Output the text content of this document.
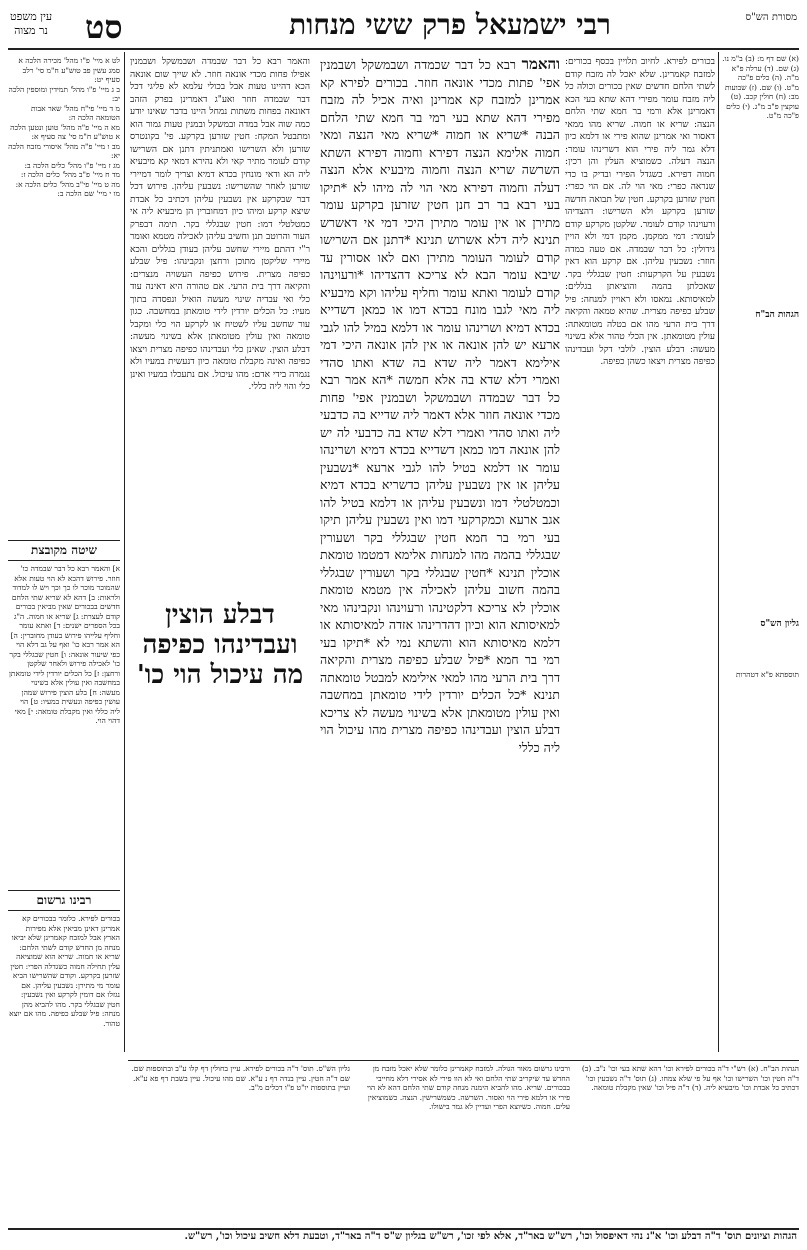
עין משפט
נר מצוה סט	רבי ישמעאל פרק ששי מנחות	מסורת הש"ס
(א) שם דף מ: (ב) ב"מ נו. (ג) שם. (ד) ערלה פ"א מ"ה. (ה) כלים פ"כה מ"ט. (ו) שם. (ז) שבועות מב: (ח) חולין קכב. (ט) עוקצין פ"ב מ"ג. (י) כלים פ"כה מ"ט.
הגהות הב"ח
גליון הש"ס
תוספתא פ"א דטהרות
בכורים לפירא. לחיוב תלויין בכסף בכורים: למזבח קאמרינן. שלא יאכל לה מזבח קודם לשתי הלחם חדשים שאין בכורים וכולה כל ליה מזבח עומר מפירי דהא שתא בעי הכא דאמרינן אלא ורמי בר חמא שתי הלחם הנצה: שריא או חמוה. שריא מהו ממאי דאסור ואי אמרינן שהוא פירי או דלמא כיון דלא גמר ליה פירי הוא דשרינהו עומר: הנצה דעלה. כשמוציא העלין והן רכין: חמוה דפירא. כשגדל הפירי ובדיק בו כדי שנראה כפרי: מאי הוי לה. אם הוי כפרי: חטין שזרען בקרקע. חטין של תבואה חדשה שזרען בקרקע ולא השרישו: דהצדיהו ורעוינהו קודם לעומר. שלקטן מקרקע קודם לעומר: דמי ממקמן. מקמן דמי ולא הויין גידולין: כל דבר שבמדה. אם טעה במדה חוזר: נשבעין עליהן. אם קרקע הוא דאין נשבעין על הקרקעות: חטין שבגללי בקר. שאכלתן בהמה והוציאתן בגללים: למאיסותא. נמאסו ולא ראויין למנחה: פיל שבלע כפיפה מצרית. שהיא טמאה והקיאה דרך בית הרעי מהו אם בטלה מטומאתה: עולין מטומאתן. אין הכלי טהור אלא בשינוי מעשה: דבלע הוצין. לולבי דקל ועבדינהו כפיפה מצרית ויצאו כשהן כפיפה.
והאמר רבא כל דבר שכמדה ושבמשקל ושבמנין אפי' פתות מכדי אונאה חוזר. בכורים לפירא קא אמרינן למזבח קא אמרינן ואיה אכיל לה מזבח מפירי דהא שתא בעי רמי בר חמא שתי הלחם הבנה *שריא או חמוה *שריא מאי הנצה ומאי חמוה אלימא הנצה דפירא וחמוה דפירא השתא השרשה שריא הנצה וחמוה מיבעיא אלא הנצה דעלה וחמוה דפירא מאי הוי לה מיהו לא *תיקו בעי רבא בר רב חנן חטין שזרען בקרקע עומר מתירן או אין עומר מתירן היכי דמי אי דאשרש תנינא ליה דלא אשרוש תנינא *דתנן אם השרישו קודם לעומר העומר מתירן ואם לאו אסורין עד שיבא עומר הבא לא צריכא דהצדיהו *ורעוינהו קודם לעומר ואתא עומר וחליף עליהו וקא מיבעיא ליה מאי לגבו מונח בכדא דמו או כמאן דשדייא בכדא דמיא ושרינהו עומר או דלמא במיל להו לגבי ארעא יש להן אונאה או אין להן אונאה היכי דמי אילימא דאמר ליה שדא בה שדא ואתו סהדי ואמרי דלא שדא בה אלא חמשה *הא אמר רבא כל דבר שבמדה ושבמשקל ושבמנין אפי' פחות מכדי אונאה חוזר אלא דאמר ליה שדייא בה כדבעי ליה ואתו סהדי ואמרי דלא שדא בה כדבעי לה יש להן אונאה דמו כמאן דשדייא בכדא דמיא ושרינהו עומר או דלמא בטיל להו לגבי ארעא *נשבעין עליהן או אין נשבעין עליהן כדשריא בכדא דמיא וכמטלטלי דמו ונשבעין עליהן או דלמא בטיל להו אגב ארעא וכמקרקעי דמו ואין נשבעין עליהן תיקו בעי רמי בר חמא חטין שבגללי בקר ושעורין שבגללי בהמה מהו למנחות אלימא דמטמו טומאת אוכלין תנינא *חטין שבגללי בקר ושעורין שבגללי בהמה חשוב עליהן לאכילה אין מטמא טומאת אוכלין לא צריכא דלקטינהו ורעוינהו ונקבינהו מאי למאיסותא הוא וכיון דהדרינהו אזדה למאיסותא או דלמא מאיסותא הוא והשתא נמי לא *תיקו בעי רמי בר חמא *פיל שבלע כפיפה מצרית והקיאה דרך בית הרעי מהו למאי אילימא למבטל טומאתה תנינא *כל הכלים יורדין לידי טומאתן במחשבה ואין עולין מטומאתן אלא בשינוי מעשה לא צריכא דבלע הוצין ועבדינהו כפיפה מצרית מהו עיכול הוי ליה כללי
והאמר רבא כל דבר שבמדה ושבמשקל ושבמנין אפילו פחות מכדי אונאה חוזר. לא שייך שום אונאה הכא דהיינו טעות אבל בכולי עלמא לא פליגי דכל דבר שבמדה חוזר ואע"ג דאמרינן בפרק הזהב דאונאה בפחות משתות נמחל היינו בדבר שאינו יודע כמה שוה אבל במדה ובמשקל ובמנין טעות גמור הוא ומתבטל המקח: חטין שזרען בקרקע. פי' בקונטרס שזרען ולא השרישו ואמתניתין דתנן אם השרישו קודם לעומר מתיר קאי ולא נהירא דמאי קא מיבעיא ליה הא ודאי מונחין בכדא דמיא וצריך לומר דמיירי שזרען לאחר שהשרישו: נשבעין עליהן. פירוש דכל דבר שבקרקע אין נשבעין עליהן דכתיב כל אבדת שיצא קרקע ומיהו כיון דמחוברין הן מיבעיא ליה אי כמטלטלי דמו: חטין שבגללי בקר. תימה דבפרק העור והרוטב תנן וחשיב עליהן לאכילה מטמא ואומר ר"י דהתם מיירי שחשב עליהן בעודן בגללים והכא מיירי שליקטן מתוכן ורחצן ונקבינהו: פיל שבלע כפיפה מצרית. פירוש כפיפה העשויה מנצרים: והקיאה דרך בית הרעי. אם טהורה היא דאינה עוד כלי ואי עבדיה שינוי מעשה הואיל ונפסדה בתוך מעיו: כל הכלים יורדין לידי טומאתן במחשבה. כגון עור שחשב עליו לשטיח או לקרקע הוי כלי ומקבל טומאה ואין עולין מטומאתן אלא בשינוי מעשה: דבלע הוצין. שאינן כלי ועבדינהו כפיפה מצרית ויצאו כפיפה ואינה מקבלת טומאה כיון דנעשית במעיו ולא נגמרה בידי אדם: מהו עיכול. אם נתעכלו במעיו ואינן כלי והוי ליה כללי.
דבלע הוצין ועבדינהו כפיפה מה עיכול הוי כו'
לט א מיי' פ"ו מהל' מכירה הלכה א סמג עשין פב טוש"ע ח"מ סי' רלב סעיף יט:
ב ג מיי' פ"ו מהל' תמידין ומוספין הלכה יב:
מ ד מיי' פי"ח מהל' שאר אבות הטומאה הלכה ה:
מא ה מיי' פ"ה מהל' טוען ונטען הלכה א טוש"ע ח"מ סי' צה סעיף א:
מב ו מיי' פ"ה מהל' איסורי מזבח הלכה יא:
מג ז מיי' פ"ו מהל' כלים הלכה ב:
מד ח מיי' פ"ב מהל' כלים הלכה ז:
מה ט מיי' פי"ב מהל' כלים הלכה א:
מו י מיי' שם הלכה ב:
שיטה מקובצת
א] והאמר רבא כל דבר שבמדה כו' חוזר. פירוש דהכא לא הוי טעות אלא שהמוכר מוכר לו כך וכך ויש לו למדוד ולראות: ב] דהא לא שריא שתי הלחם חדשים בבכורים שאין מביאין בכורים קודם לעצרת: ג] שריא או חמוה. ה"ג בכל הספרים ישנים: ד] ואתא עומר וחליף עלייהו פירוש בעודן מחוברין: ה] הא אמר רבא כו' ואף על גב דלא הוי כפי שיעור אונאה: ו] חטין שבגללי בקר כו' לאכילה פירוש ולאחר שלקטן ורחצן: ז] כל הכלים יורדין לידי טומאתן במחשבה ואין עולין אלא בשינוי מעשה: ח] בלע הוצין פירוש שמהן עושין כפיפה ונעשית במעיו: ט] הוי ליה כללי ואין מקבלת טומאה: י] מאי דהוי הוי.
רבינו גרשום
בכורים לפירא. כלומר בבכורים קא אמרינן דאינן מביאין אלא מפירות הארץ אבל למזבח קאמרינן שלא יביאו מנחה מן החדש קודם לשתי הלחם: שריא או חמוה. שריא הוא שמוציאה עלין תחילה חמוה כשגדלה הפרי: חטין שזרען בקרקע. וקודם שהשרישו הביא עומר מי מתירן: נשבעין עליהן. אם נגזלו אם דומין לקרקע ואין נשבעין: חטין שבגללי בקר. מהו להביא מהן מנחה: פיל שבלע כפיפה. מהו אם יוצא טהור.
הגהות הב"ח. (א) רש"י ד"ה בכורים לפירא וכו' דהא שתא בעי וכו' נ"ב. (ב) ד"ה חטין וכו' השרישו וכו' אף על פי שלא צמחו. (ג) תוס' ד"ה נשבעין וכו' דכתיב כל אבדת וכו' מיבעיא ליה. (ד) ד"ה פיל וכו' שאין מקבלת טומאה.
ורבינו גרשום מאור הגולה. למזבח קאמרינן כלומר שלא יאכל מזבח מן החדש עד שיקריב שתי הלחם ואי לא הוו פירי לא אסירי דלא מחייבי בבכורים. שריא. מהו להביא הימנה מנחה קודם שתי הלחם דהא לא הוי פירי או דלמא פירי הוי ואסור. השרשה. כשמשרישין. הנצה. כשמוציאין עלים. חמוה. כשיוצא הפרי ועדיין לא גמר בישולו.
גליון הש"ס. תוס' ד"ה בכורים לפירא. עיין בחולין דף קלו ע"ב ובתוספות שם. שם ד"ה חטין. עיין בנדה דף נ ע"א. שם מהו עיכול. עיין בשבת דף פא ע"א. ועיין בתוספות יו"ט פ"ו דכלים מ"ב.
הגהות וציונים תוס' ד"ה דבלע וכו' א"נ נהי דאיפסול וכו', רש"ש באר"ד, אלא לפי זכו', רש"ש בגליון ש"ס ד"ה באר"ד, וטבעת דלא חשיב עיכול וכו', רש"ש.
